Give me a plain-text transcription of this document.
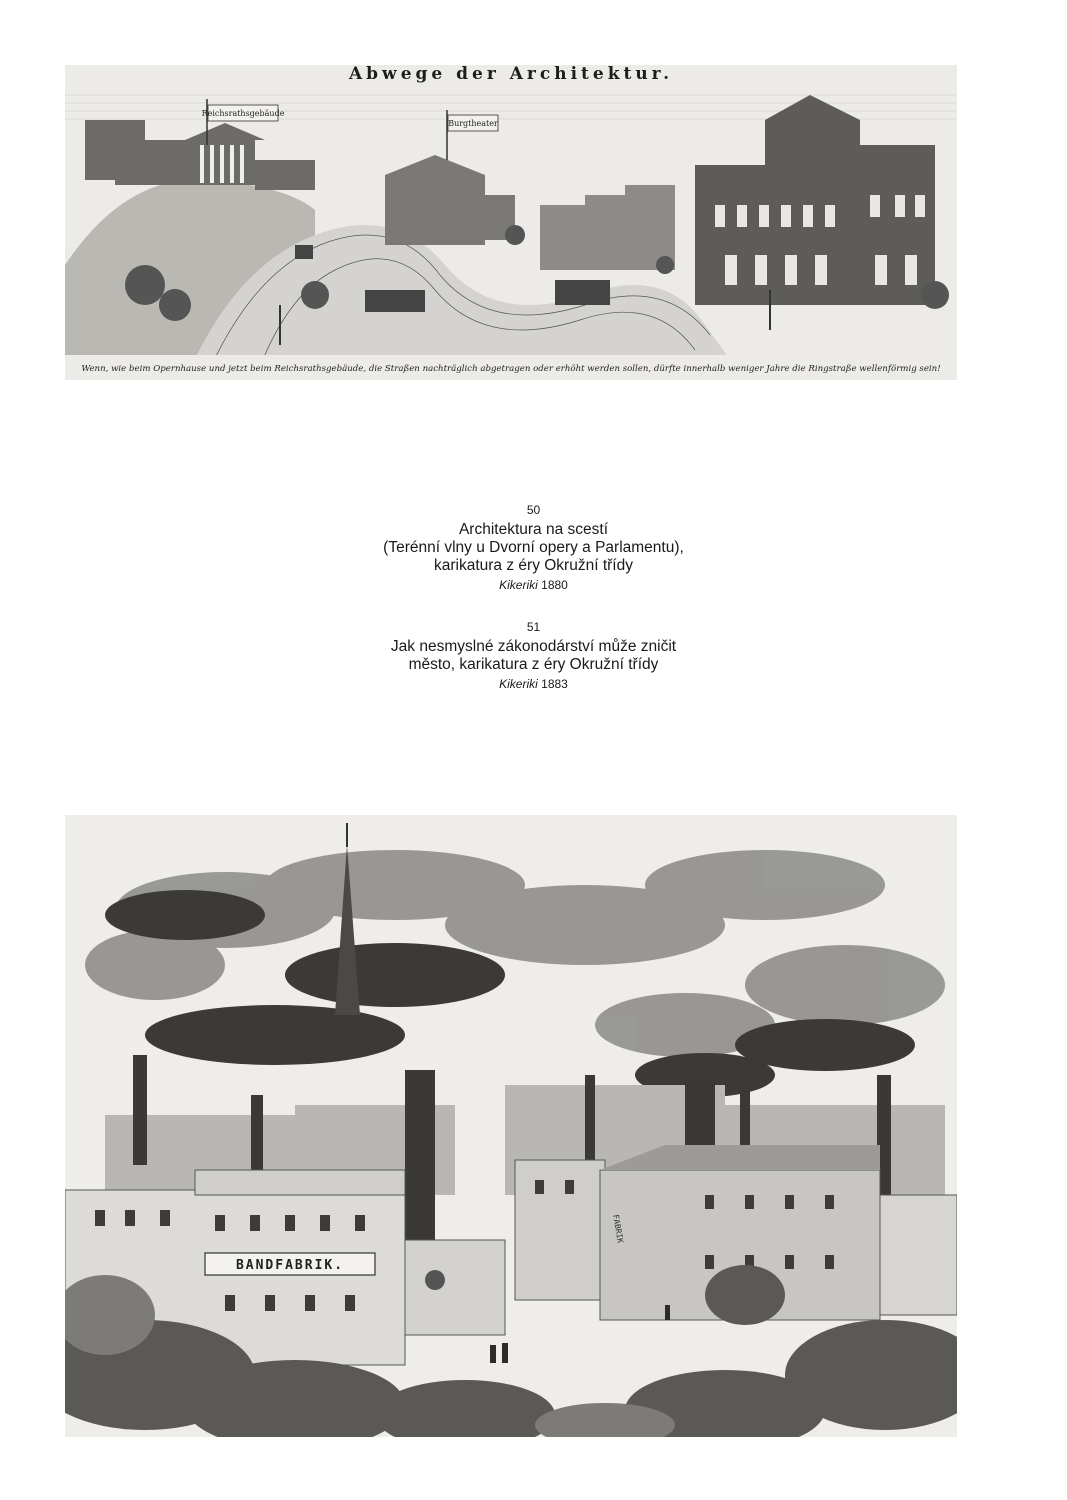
Abwege der Architektur.
Reichsrathsgebäude
Burgtheater
Wenn, wie beim Opernhause und jetzt beim Reichsrathsgebäude, die Straßen nachträglich abgetragen oder erhöht werden sollen, dürfte innerhalb weniger Jahre die Ringstraße wellenförmig sein!
50
Architektura na scestí
(Terénní vlny u Dvorní opery a Parlamentu),
karikatura z éry Okružní třídy
Kikeriki 1880
51
Jak nesmyslné zákonodárství může zničit
město, karikatura z éry Okružní třídy
Kikeriki 1883
BANDFABRIK.
FABRIK
